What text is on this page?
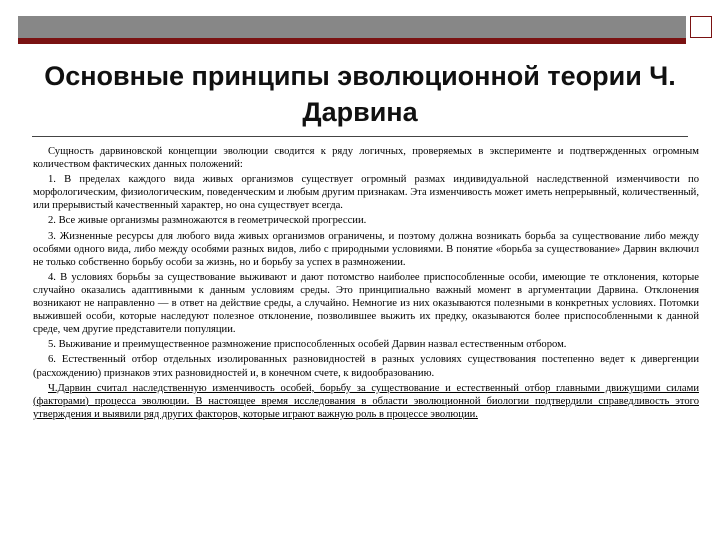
Основные принципы эволюционной теории Ч. Дарвина

Сущность дарвиновской концепции эволюции сводится к ряду логичных, проверяемых в эксперименте и подтвержденных огромным количеством фактических данных положений:

1. В пределах каждого вида живых организмов существует огромный размах индивидуальной наследственной изменчивости по морфологическим, физиологическим, поведенческим и любым другим признакам. Эта изменчивость может иметь непрерывный, количественный, или прерывистый качественный характер, но она существует всегда.

2. Все живые организмы размножаются в геометрической прогрессии.

3. Жизненные ресурсы для любого вида живых организмов ограничены, и поэтому должна возникать борьба за существование либо между особями одного вида, либо между особями разных видов, либо с природными условиями. В понятие «борьба за существование» Дарвин включил не только собственно борьбу особи за жизнь, но и борьбу за успех в размножении.

4. В условиях борьбы за существование выживают и дают потомство наиболее приспособленные особи, имеющие те отклонения, которые случайно оказались адаптивными к данным условиям среды. Это принципиально важный момент в аргументации Дарвина. Отклонения возникают не направленно — в ответ на действие среды, а случайно. Немногие из них оказываются полезными в конкретных условиях. Потомки выжившей особи, которые наследуют полезное отклонение, позволившее выжить их предку, оказываются более приспособленными к данной среде, чем другие представители популяции.

5. Выживание и преимущественное размножение приспособленных особей Дарвин назвал естественным отбором.

6. Естественный отбор отдельных изолированных разновидностей в разных условиях существования постепенно ведет к дивергенции (расхождению) признаков этих разновидностей и, в конечном счете, к видообразованию.

Ч.Дарвин считал наследственную изменчивость особей, борьбу за существование и естественный отбор главными движущими силами (факторами) процесса эволюции. В настоящее время исследования в области эволюционной биологии подтвердили справедливость этого утверждения и выявили ряд других факторов, которые играют важную роль в процессе эволюции.
